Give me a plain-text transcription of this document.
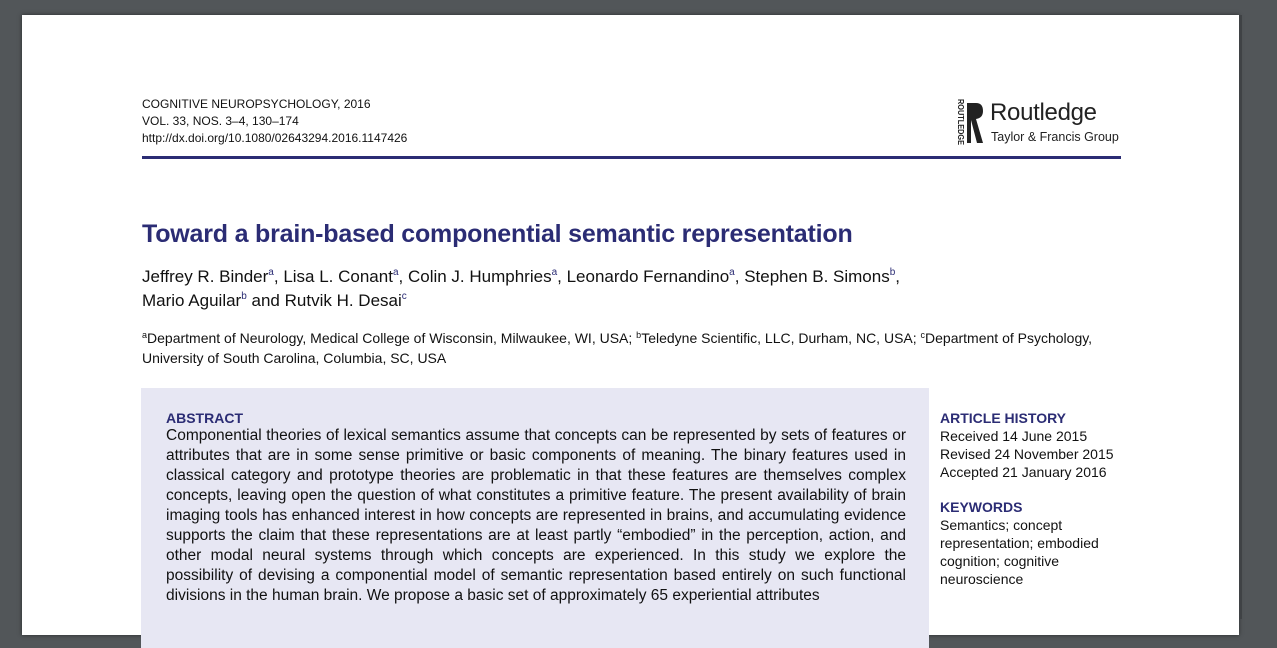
COGNITIVE NEUROPSYCHOLOGY, 2016
VOL. 33, NOS. 3–4, 130–174
http://dx.doi.org/10.1080/02643294.2016.1147426	ROUTLEDGE Routledge
Taylor & Francis Group
Toward a brain-based componential semantic representation
Jeffrey R. Binder$^a$, Lisa L. Conant$^a$, Colin J. Humphries$^a$, Leonardo Fernandino$^a$, Stephen B. Simons$^b$,
Mario Aguilar$^b$ and Rutvik H. Desai$^c$
$^a$Department of Neurology, Medical College of Wisconsin, Milwaukee, WI, USA; $^b$Teledyne Scientific, LLC, Durham, NC, USA; $^c$Department of Psychology, University of South Carolina, Columbia, SC, USA
ABSTRACT
Componential theories of lexical semantics assume that concepts can be represented by sets of features or attributes that are in some sense primitive or basic components of meaning. The binary features used in classical category and prototype theories are problematic in that these features are themselves complex concepts, leaving open the question of what constitutes a primitive feature. The present availability of brain imaging tools has enhanced interest in how concepts are represented in brains, and accumulating evidence supports the claim that these representations are at least partly “embodied” in the perception, action, and other modal neural systems through which concepts are experienced. In this study we explore the possibility of devising a componential model of semantic representation based entirely on such functional divisions in the human brain. We propose a basic set of approximately 65 experiential attributes
ARTICLE HISTORY
Received 14 June 2015
Revised 24 November 2015
Accepted 21 January 2016
KEYWORDS
Semantics; concept representation; embodied cognition; cognitive neuroscience
